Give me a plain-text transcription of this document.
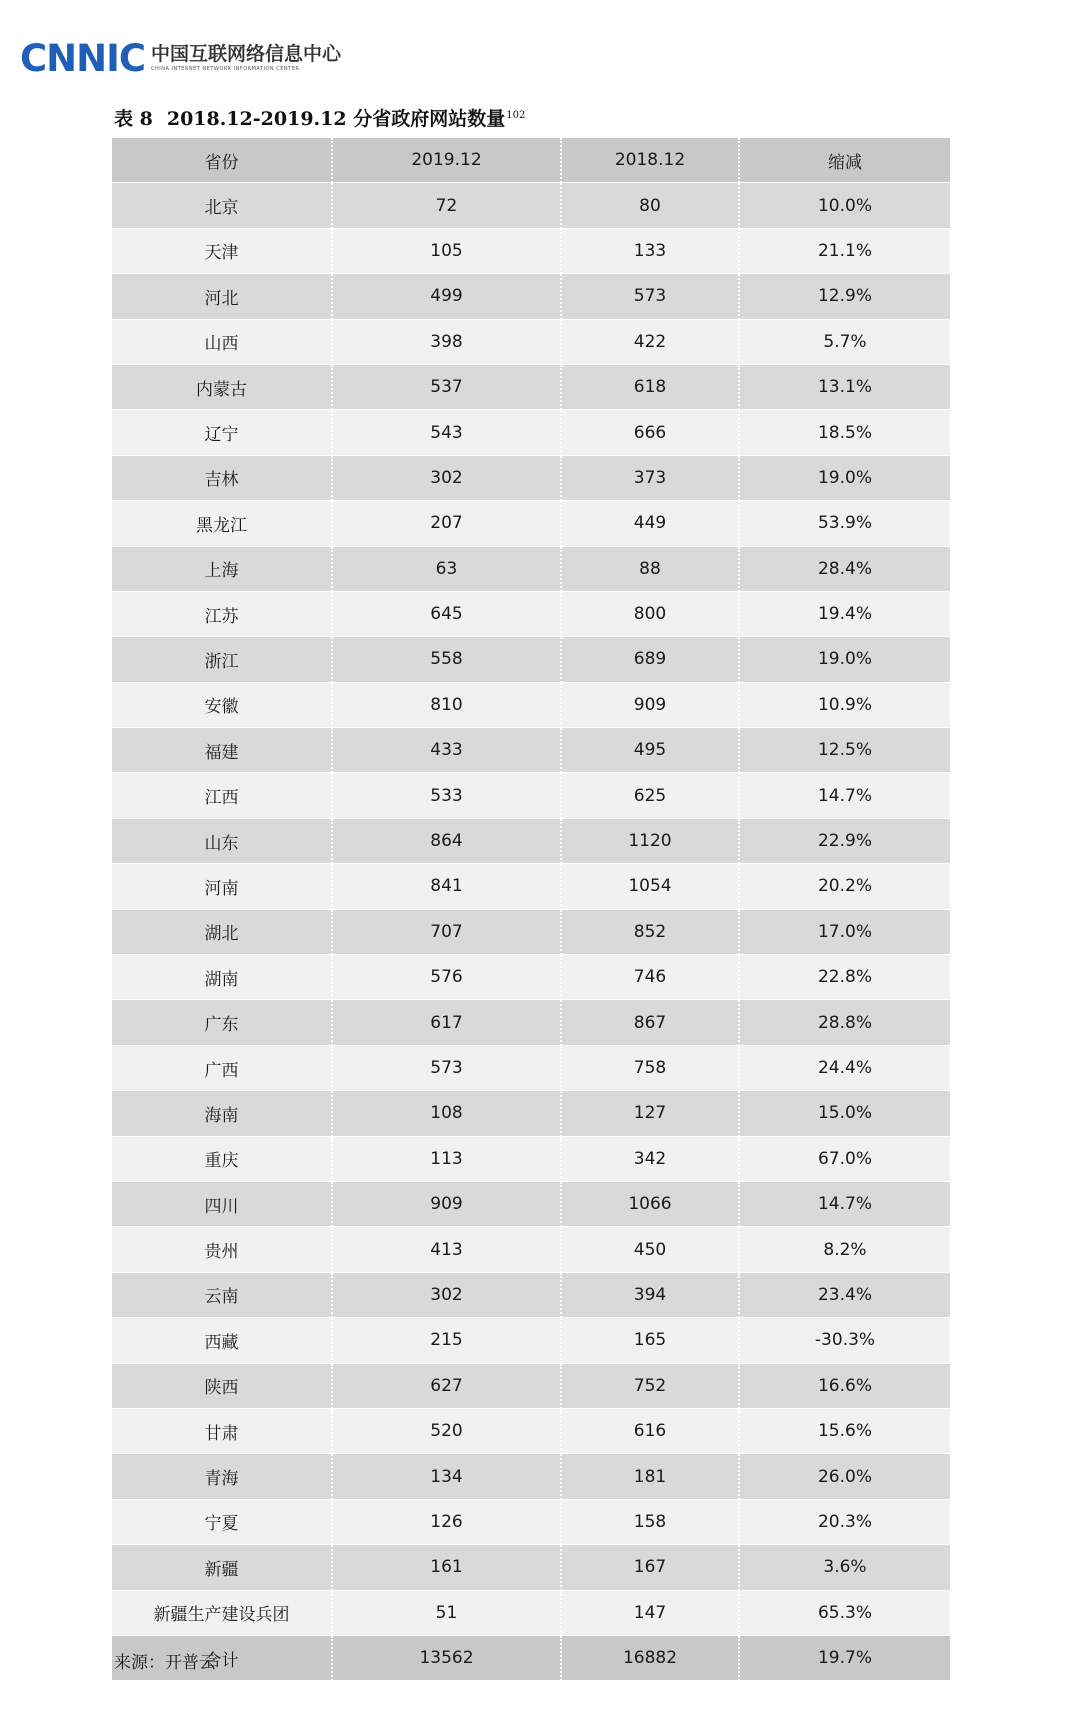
CNNIC 中国互联网络信息中心
CHINA INTERNET NETWORK INFORMATION CENTER
表 8 2018.12-2019.12 分省政府网站数量$^{102}$
省份	2019.12	2018.12	缩减
北京	72	80	10.0%
天津	105	133	21.1%
河北	499	573	12.9%
山西	398	422	5.7%
内蒙古	537	618	13.1%
辽宁	543	666	18.5%
吉林	302	373	19.0%
黑龙江	207	449	53.9%
上海	63	88	28.4%
江苏	645	800	19.4%
浙江	558	689	19.0%
安徽	810	909	10.9%
福建	433	495	12.5%
江西	533	625	14.7%
山东	864	1120	22.9%
河南	841	1054	20.2%
湖北	707	852	17.0%
湖南	576	746	22.8%
广东	617	867	28.8%
广西	573	758	24.4%
海南	108	127	15.0%
重庆	113	342	67.0%
四川	909	1066	14.7%
贵州	413	450	8.2%
云南	302	394	23.4%
西藏	215	165	-30.3%
陕西	627	752	16.6%
甘肃	520	616	15.6%
青海	134	181	26.0%
宁夏	126	158	20.3%
新疆	161	167	3.6%
新疆生产建设兵团	51	147	65.3%
合计	13562	16882	19.7%
来源：开普云
